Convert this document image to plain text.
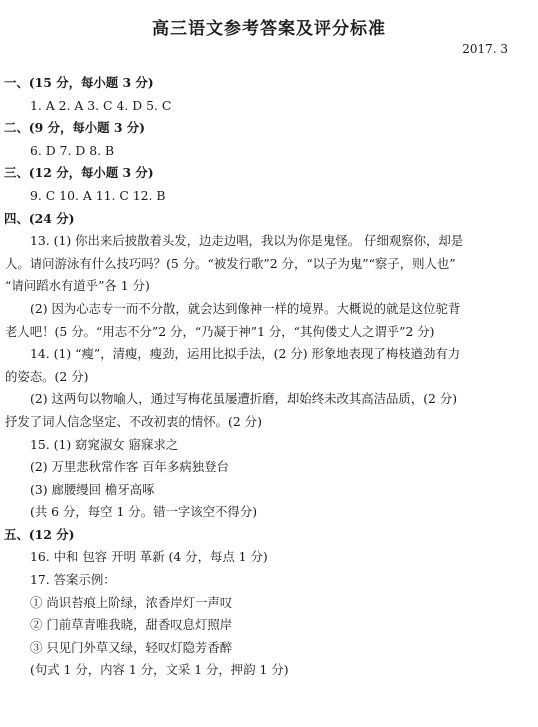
高三语文参考答案及评分标准
2017. 3
一、(15 分，每小题 3 分)
1. A 2. A 3. C 4. D 5. C
二、(9 分，每小题 3 分)
6. D 7. D 8. B
三、(12 分，每小题 3 分)
9. C 10. A 11. C 12. B
四、(24 分)
13. (1) 你出来后披散着头发，边走边唱，我以为你是鬼怪。 仔细观察你，却是
人。请问游泳有什么技巧吗？(5 分。“被发行歌”2 分，“以子为鬼”“察子，则人也”
“请问蹈水有道乎”各 1 分)
(2) 因为心志专一而不分散，就会达到像神一样的境界。大概说的就是这位驼背
老人吧！(5 分。“用志不分”2 分，“乃凝于神”1 分，“其佝偻丈人之谓乎”2 分)
14. (1) “瘦”，清瘦，瘦劲，运用比拟手法，(2 分) 形象地表现了梅枝遒劲有力
的姿态。(2 分)
(2) 这两句以物喻人，通过写梅花虽屡遭折磨，却始终未改其高洁品质，(2 分)
抒发了词人信念坚定、不改初衷的情怀。(2 分)
15. (1) 窈窕淑女 寤寐求之
(2) 万里悲秋常作客 百年多病独登台
(3) 廊腰缦回 檐牙高啄
(共 6 分，每空 1 分。错一字该空不得分)
五、(12 分)
16. 中和 包容 开明 革新 (4 分，每点 1 分)
17. 答案示例：
① 尚识苔痕上阶绿，浓香岸灯一声叹
② 门前草青唯我晓，甜香叹息灯照岸
③ 只见门外草又绿，轻叹灯隐芳香醉
(句式 1 分，内容 1 分，文采 1 分，押韵 1 分)
